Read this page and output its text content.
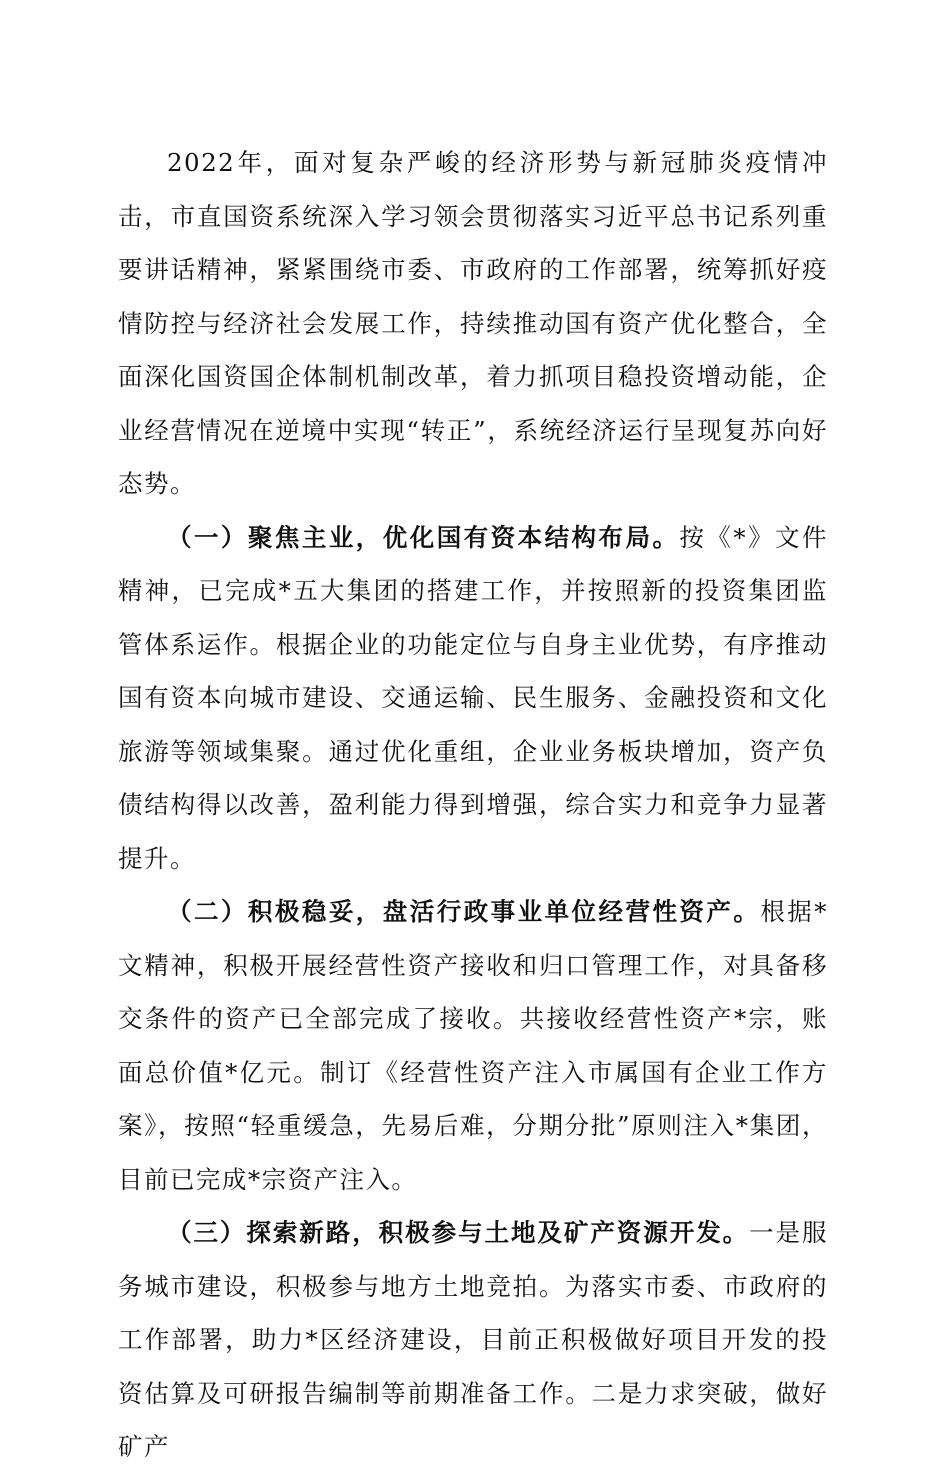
2022年，面对复杂严峻的经济形势与新冠肺炎疫情冲击，市直国资系统深入学习领会贯彻落实习近平总书记系列重要讲话精神，紧紧围绕市委、市政府的工作部署，统筹抓好疫情防控与经济社会发展工作，持续推动国有资产优化整合，全面深化国资国企体制机制改革，着力抓项目稳投资增动能，企业经营情况在逆境中实现“转正”，系统经济运行呈现复苏向好态势。

（一）聚焦主业，优化国有资本结构布局。按《*》文件精神，已完成*五大集团的搭建工作，并按照新的投资集团监管体系运作。根据企业的功能定位与自身主业优势，有序推动国有资本向城市建设、交通运输、民生服务、金融投资和文化旅游等领域集聚。通过优化重组，企业业务板块增加，资产负债结构得以改善，盈利能力得到增强，综合实力和竞争力显著提升。

（二）积极稳妥，盘活行政事业单位经营性资产。根据*文精神，积极开展经营性资产接收和归口管理工作，对具备移交条件的资产已全部完成了接收。共接收经营性资产*宗，账面总价值*亿元。制订《经营性资产注入市属国有企业工作方案》，按照“轻重缓急，先易后难，分期分批”原则注入*集团，目前已完成*宗资产注入。

（三）探索新路，积极参与土地及矿产资源开发。一是服务城市建设，积极参与地方土地竞拍。为落实市委、市政府的工作部署，助力*区经济建设，目前正积极做好项目开发的投资估算及可研报告编制等前期准备工作。二是力求突破，做好矿产
